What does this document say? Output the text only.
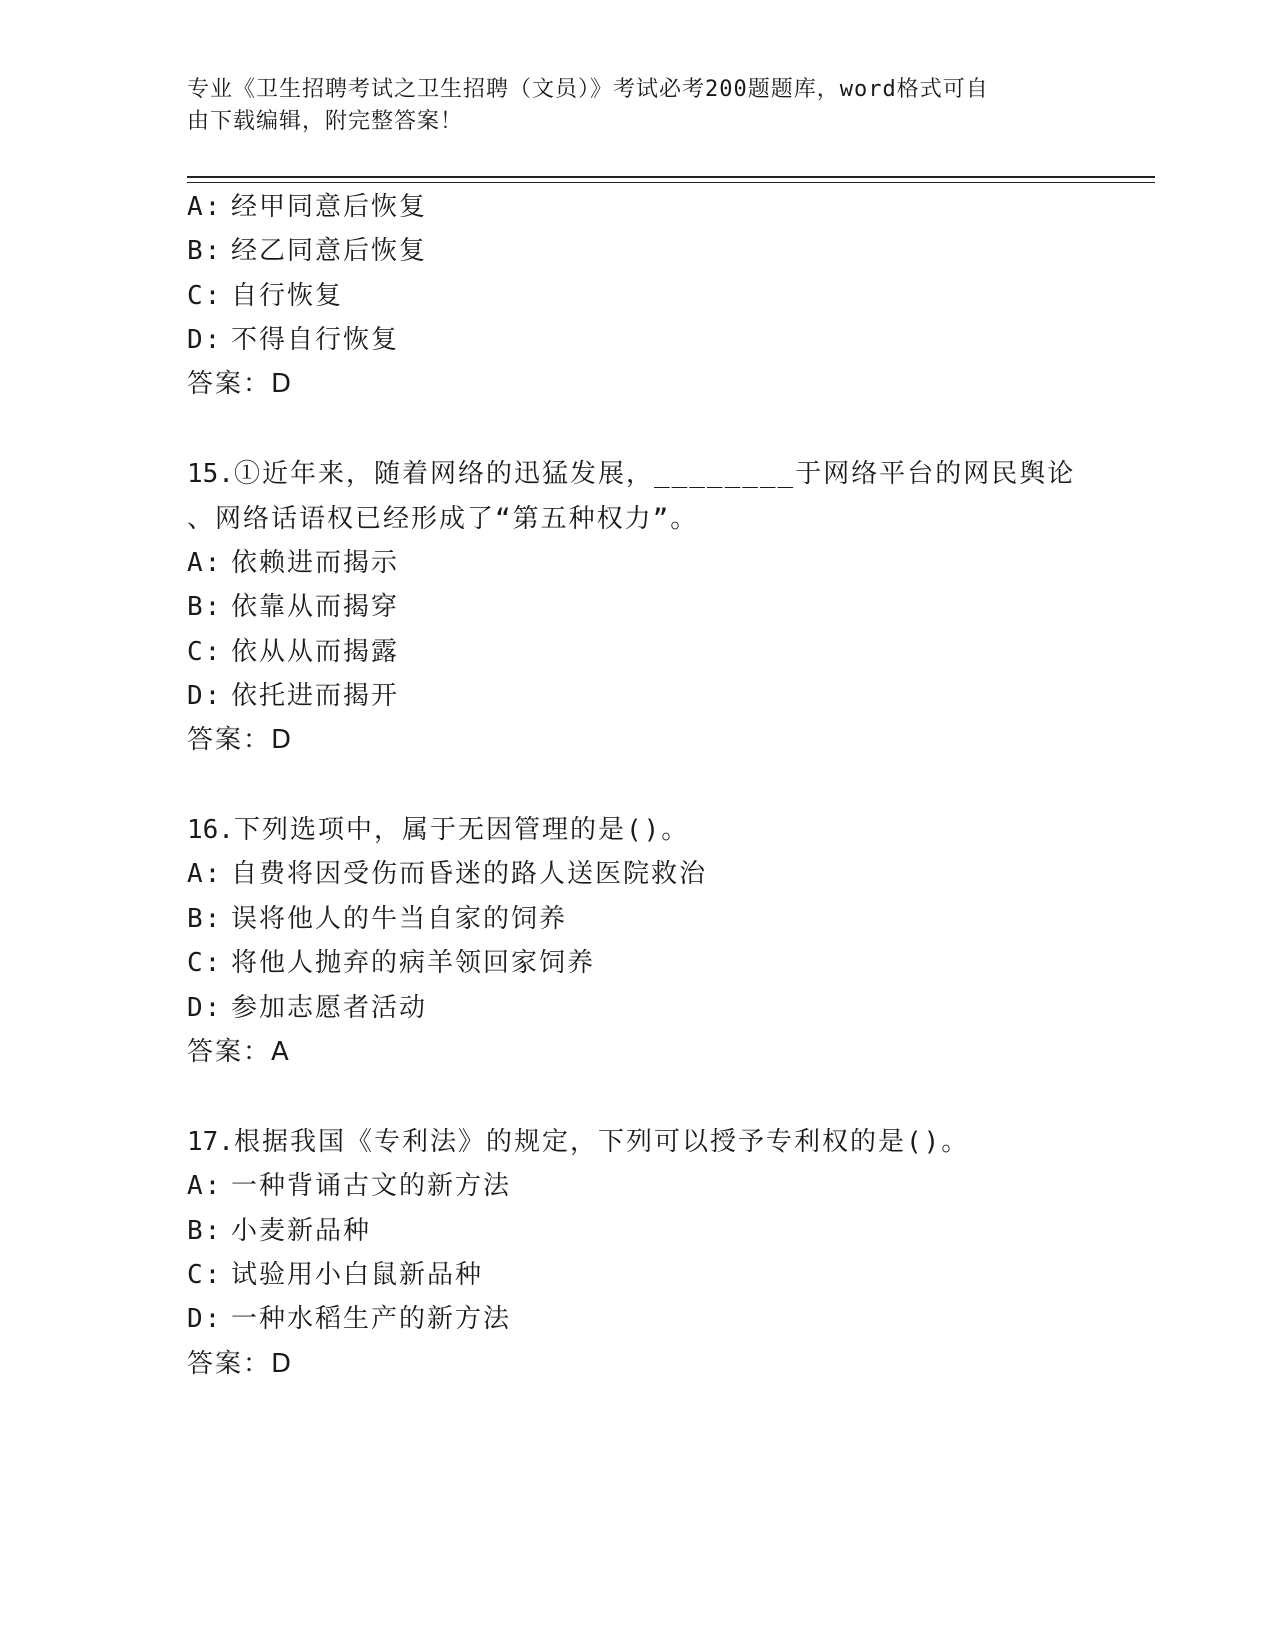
专业《卫生招聘考试之卫生招聘（文员）》考试必考200题题库，word格式可自
由下载编辑，附完整答案！
A: 经甲同意后恢复
B: 经乙同意后恢复
C: 自行恢复
D: 不得自行恢复
答案：D
15.①近年来，随着网络的迅猛发展，________于网络平台的网民舆论
、网络话语权已经形成了“第五种权力”。
A: 依赖进而揭示
B: 依靠从而揭穿
C: 依从从而揭露
D: 依托进而揭开
答案：D
16.下列选项中，属于无因管理的是()。
A: 自费将因受伤而昏迷的路人送医院救治
B: 误将他人的牛当自家的饲养
C: 将他人抛弃的病羊领回家饲养
D: 参加志愿者活动
答案：A
17.根据我国《专利法》的规定，下列可以授予专利权的是()。
A: 一种背诵古文的新方法
B: 小麦新品种
C: 试验用小白鼠新品种
D: 一种水稻生产的新方法
答案：D
